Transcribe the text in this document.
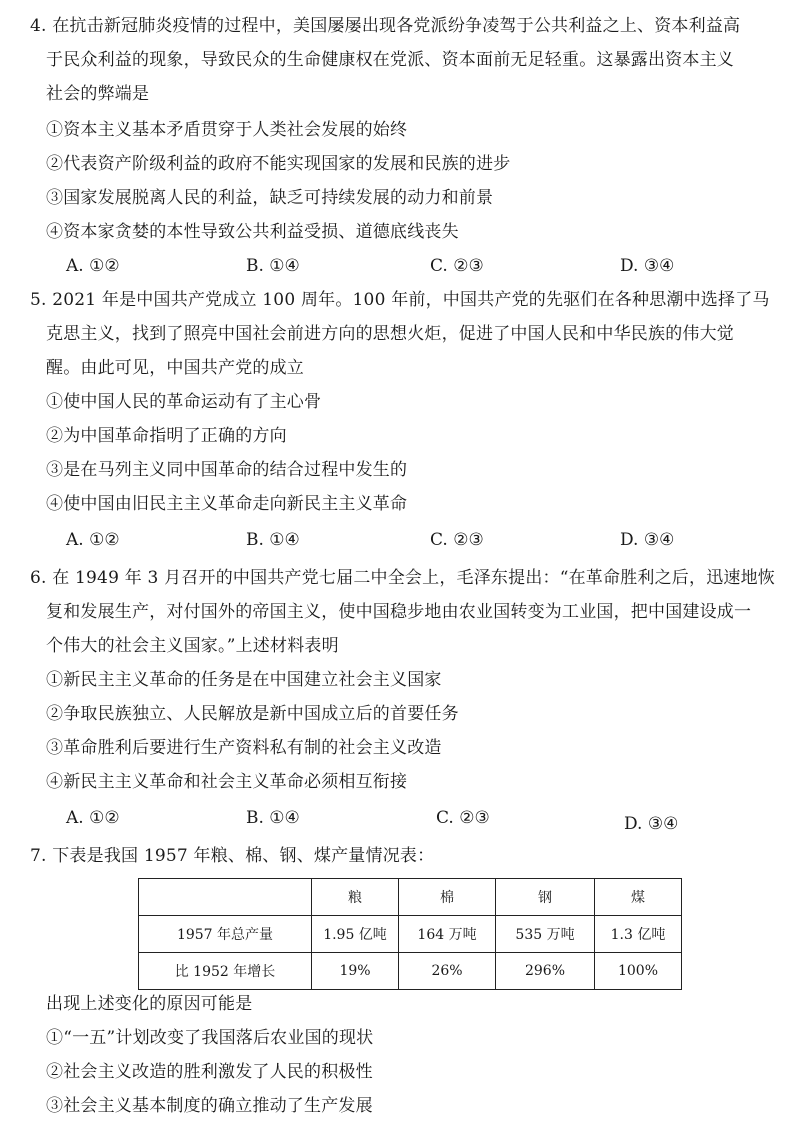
4. 在抗击新冠肺炎疫情的过程中，美国屡屡出现各党派纷争凌驾于公共利益之上、资本利益高
于民众利益的现象，导致民众的生命健康权在党派、资本面前无足轻重。这暴露出资本主义
社会的弊端是
①资本主义基本矛盾贯穿于人类社会发展的始终
②代表资产阶级利益的政府不能实现国家的发展和民族的进步
③国家发展脱离人民的利益，缺乏可持续发展的动力和前景
④资本家贪婪的本性导致公共利益受损、道德底线丧失
A. ①②	B. ①④	C. ②③	D. ③④
5. 2021 年是中国共产党成立 100 周年。100 年前，中国共产党的先驱们在各种思潮中选择了马
克思主义，找到了照亮中国社会前进方向的思想火炬，促进了中国人民和中华民族的伟大觉
醒。由此可见，中国共产党的成立
①使中国人民的革命运动有了主心骨
②为中国革命指明了正确的方向
③是在马列主义同中国革命的结合过程中发生的
④使中国由旧民主主义革命走向新民主主义革命
A. ①②	B. ①④	C. ②③	D. ③④
6. 在 1949 年 3 月召开的中国共产党七届二中全会上，毛泽东提出：“在革命胜利之后，迅速地恢
复和发展生产，对付国外的帝国主义，使中国稳步地由农业国转变为工业国，把中国建设成一
个伟大的社会主义国家。”上述材料表明
①新民主主义革命的任务是在中国建立社会主义国家
②争取民族独立、人民解放是新中国成立后的首要任务
③革命胜利后要进行生产资料私有制的社会主义改造
④新民主主义革命和社会主义革命必须相互衔接
A. ①②	B. ①④	C. ②③	D. ③④
7. 下表是我国 1957 年粮、棉、钢、煤产量情况表：
	粮	棉	钢	煤
1957 年总产量	1.95 亿吨	164 万吨	535 万吨	1.3 亿吨
比 1952 年增长	19%	26%	296%	100%
出现上述变化的原因可能是
①“一五”计划改变了我国落后农业国的现状
②社会主义改造的胜利激发了人民的积极性
③社会主义基本制度的确立推动了生产发展
